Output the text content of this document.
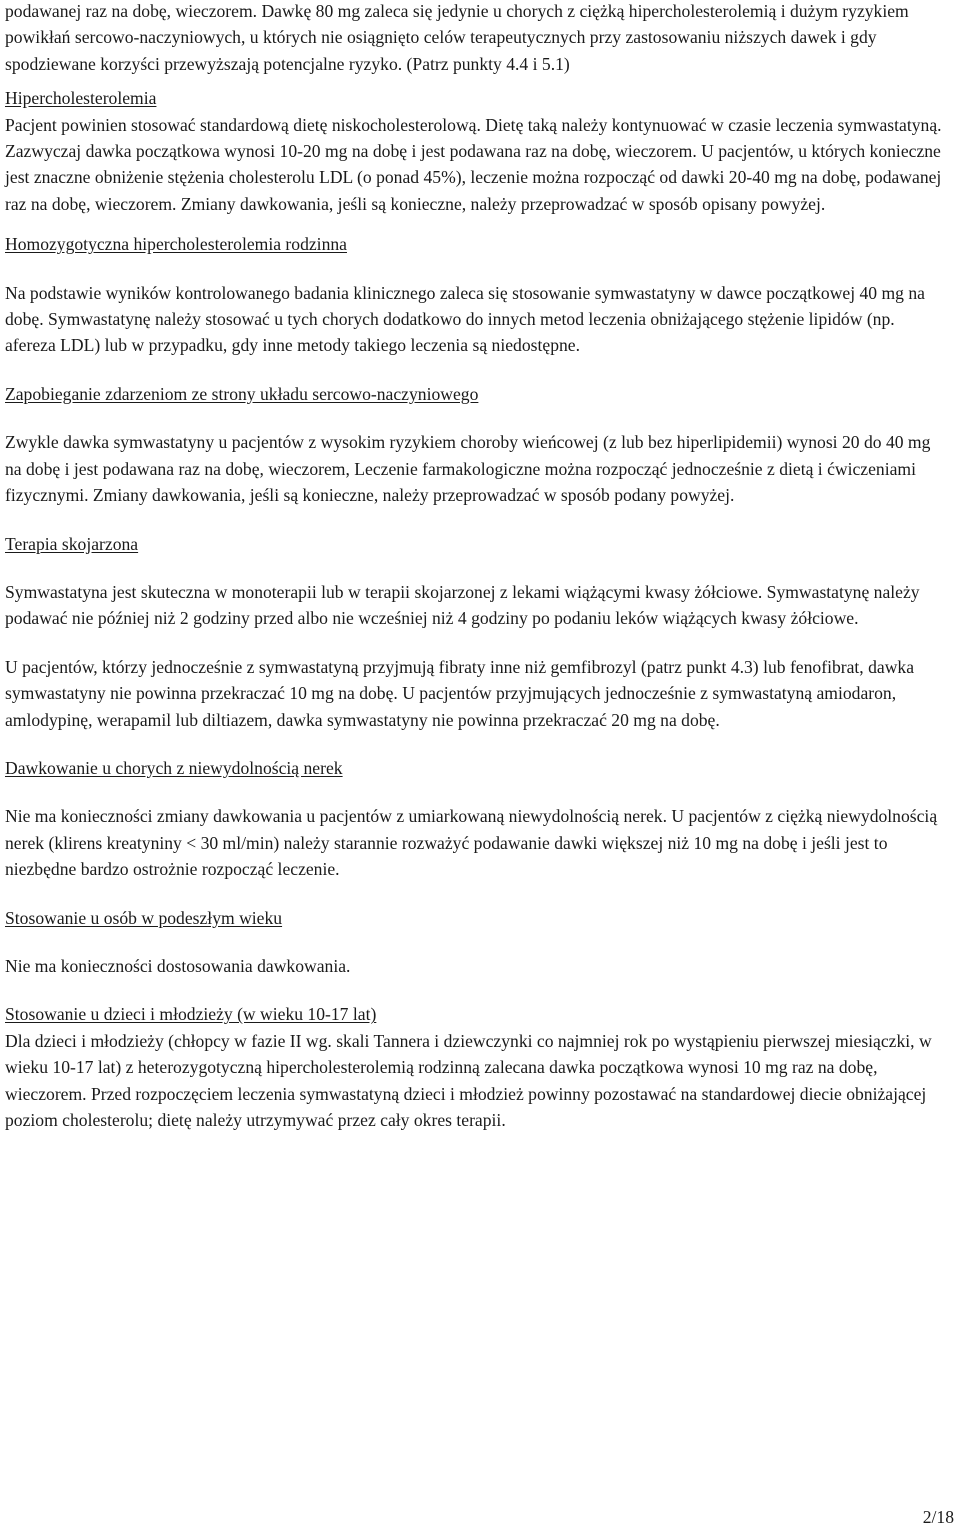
podawanej raz na dobę, wieczorem. Dawkę 80 mg zaleca się jedynie u chorych z ciężką hipercholesterolemią i dużym ryzykiem powikłań sercowo-naczyniowych, u których nie osiągnięto celów terapeutycznych przy zastosowaniu niższych dawek i gdy spodziewane korzyści przewyższają potencjalne ryzyko. (Patrz punkty 4.4 i 5.1)

Hipercholesterolemia

Pacjent powinien stosować standardową dietę niskocholesterolową. Dietę taką należy kontynuować w czasie leczenia symwastatyną. Zazwyczaj dawka początkowa wynosi 10-20 mg na dobę i jest podawana raz na dobę, wieczorem. U pacjentów, u których konieczne jest znaczne obniżenie stężenia cholesterolu LDL (o ponad 45%), leczenie można rozpocząć od dawki 20-40 mg na dobę, podawanej raz na dobę, wieczorem. Zmiany dawkowania, jeśli są konieczne, należy przeprowadzać w sposób opisany powyżej.

Homozygotyczna hipercholesterolemia rodzinna

Na podstawie wyników kontrolowanego badania klinicznego zaleca się stosowanie symwastatyny w dawce początkowej 40 mg na dobę. Symwastatynę należy stosować u tych chorych dodatkowo do innych metod leczenia obniżającego stężenie lipidów (np. afereza LDL) lub w przypadku, gdy inne metody takiego leczenia są niedostępne.

Zapobieganie zdarzeniom ze strony układu sercowo-naczyniowego

Zwykle dawka symwastatyny u pacjentów z wysokim ryzykiem choroby wieńcowej (z lub bez hiperlipidemii) wynosi 20 do 40 mg na dobę i jest podawana raz na dobę, wieczorem, Leczenie farmakologiczne można rozpocząć jednocześnie z dietą i ćwiczeniami fizycznymi. Zmiany dawkowania, jeśli są konieczne, należy przeprowadzać w sposób podany powyżej.

Terapia skojarzona

Symwastatyna jest skuteczna w monoterapii lub w terapii skojarzonej z lekami wiążącymi kwasy żółciowe. Symwastatynę należy podawać nie później niż 2 godziny przed albo nie wcześniej niż 4 godziny po podaniu leków wiążących kwasy żółciowe.

U pacjentów, którzy jednocześnie z symwastatyną przyjmują fibraty inne niż gemfibrozyl (patrz punkt 4.3) lub fenofibrat, dawka symwastatyny nie powinna przekraczać 10 mg na dobę. U pacjentów przyjmujących jednocześnie z symwastatyną amiodaron, amlodypinę, werapamil lub diltiazem, dawka symwastatyny nie powinna przekraczać 20 mg na dobę.

Dawkowanie u chorych z niewydolnością nerek

Nie ma konieczności zmiany dawkowania u pacjentów z umiarkowaną niewydolnością nerek. U pacjentów z ciężką niewydolnością nerek (klirens kreatyniny < 30 ml/min) należy starannie rozważyć podawanie dawki większej niż 10 mg na dobę i jeśli jest to niezbędne bardzo ostrożnie rozpocząć leczenie.

Stosowanie u osób w podeszłym wieku

Nie ma konieczności dostosowania dawkowania.

Stosowanie u dzieci i młodzieży (w wieku 10-17 lat)

Dla dzieci i młodzieży (chłopcy w fazie II wg. skali Tannera i dziewczynki co najmniej rok po wystąpieniu pierwszej miesiączki, w wieku 10-17 lat) z heterozygotyczną hipercholesterolemią rodzinną zalecana dawka początkowa wynosi 10 mg raz na dobę, wieczorem. Przed rozpoczęciem leczenia symwastatyną dzieci i młodzież powinny pozostawać na standardowej diecie obniżającej poziom cholesterolu; dietę należy utrzymywać przez cały okres terapii.

2/18
